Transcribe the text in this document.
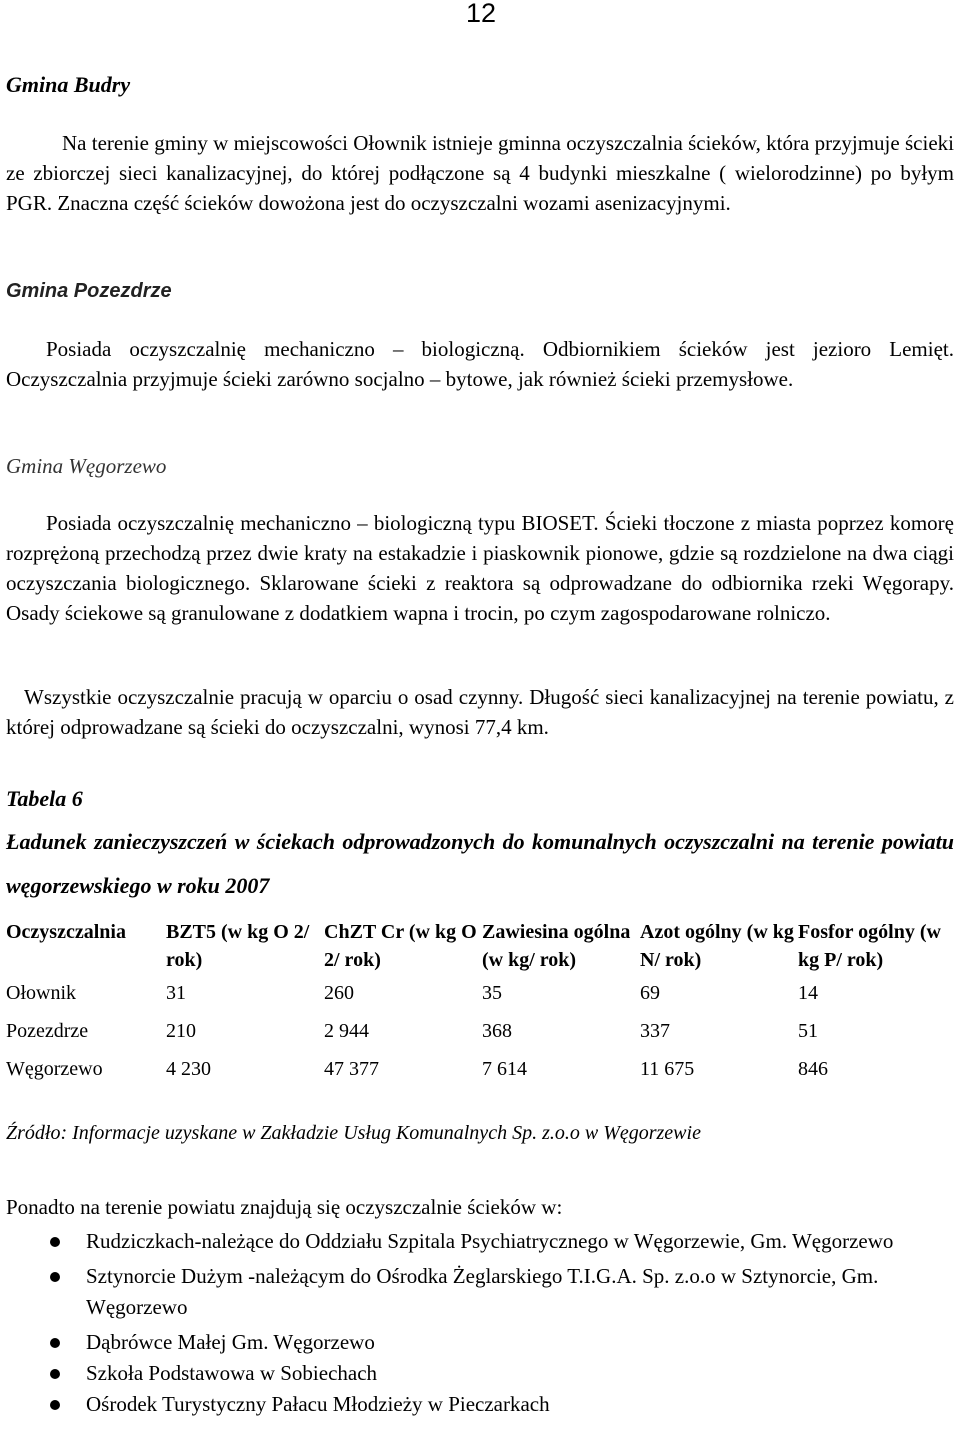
12
Gmina Budry

Na terenie gminy w miejscowości Ołownik istnieje gminna oczyszczalnia ścieków, która przyjmuje ścieki ze zbiorczej sieci kanalizacyjnej, do której podłączone są 4 budynki mieszkalne ( wielorodzinne) po byłym PGR. Znaczna część ścieków dowożona jest do oczyszczalni wozami asenizacyjnymi.

Gmina Pozezdrze

Posiada oczyszczalnię mechaniczno – biologiczną. Odbiornikiem ścieków jest jezioro Lemięt. Oczyszczalnia przyjmuje ścieki zarówno socjalno – bytowe, jak również ścieki przemysłowe.

Gmina Węgorzewo

Posiada oczyszczalnię mechaniczno – biologiczną typu BIOSET. Ścieki tłoczone z miasta poprzez komorę rozprężoną przechodzą przez dwie kraty na estakadzie i piaskownik pionowe, gdzie są rozdzielone na dwa ciągi oczyszczania biologicznego. Sklarowane ścieki z reaktora są odprowadzane do odbiornika rzeki Węgorapy. Osady ściekowe są granulowane z dodatkiem wapna i trocin, po czym zagospodarowane rolniczo.

Wszystkie oczyszczalnie pracują w oparciu o osad czynny. Długość sieci kanalizacyjnej na terenie powiatu, z której odprowadzane są ścieki do oczyszczalni, wynosi 77,4 km.

Tabela 6
Ładunek zanieczyszczeń w ściekach odprowadzonych do komunalnych oczyszczalni na terenie powiatu węgorzewskiego w roku 2007
Oczyszczalnia	BZT5 (w kg O 2/ rok)	ChZT Cr (w kg O 2/ rok)	Zawiesina ogólna (w kg/ rok)	Azot ogólny (w kg N/ rok)	Fosfor ogólny (w kg P/ rok)
Ołownik	31	260	35	69	14
Pozezdrze	210	2 944	368	337	51
Węgorzewo	4 230	47 377	7 614	11 675	846
Źródło: Informacje uzyskane w Zakładzie Usług Komunalnych Sp. z.o.o w Węgorzewie
Ponadto na terenie powiatu znajdują się oczyszczalnie ścieków w:
Rudziczkach-należące do Oddziału Szpitala Psychiatrycznego w Węgorzewie, Gm. Węgorzewo
Sztynorcie Dużym -należącym do Ośrodka Żeglarskiego T.I.G.A. Sp. z.o.o w Sztynorcie, Gm. Węgorzewo
Dąbrówce Małej Gm. Węgorzewo
Szkoła Podstawowa w Sobiechach
Ośrodek Turystyczny Pałacu Młodzieży w Pieczarkach
